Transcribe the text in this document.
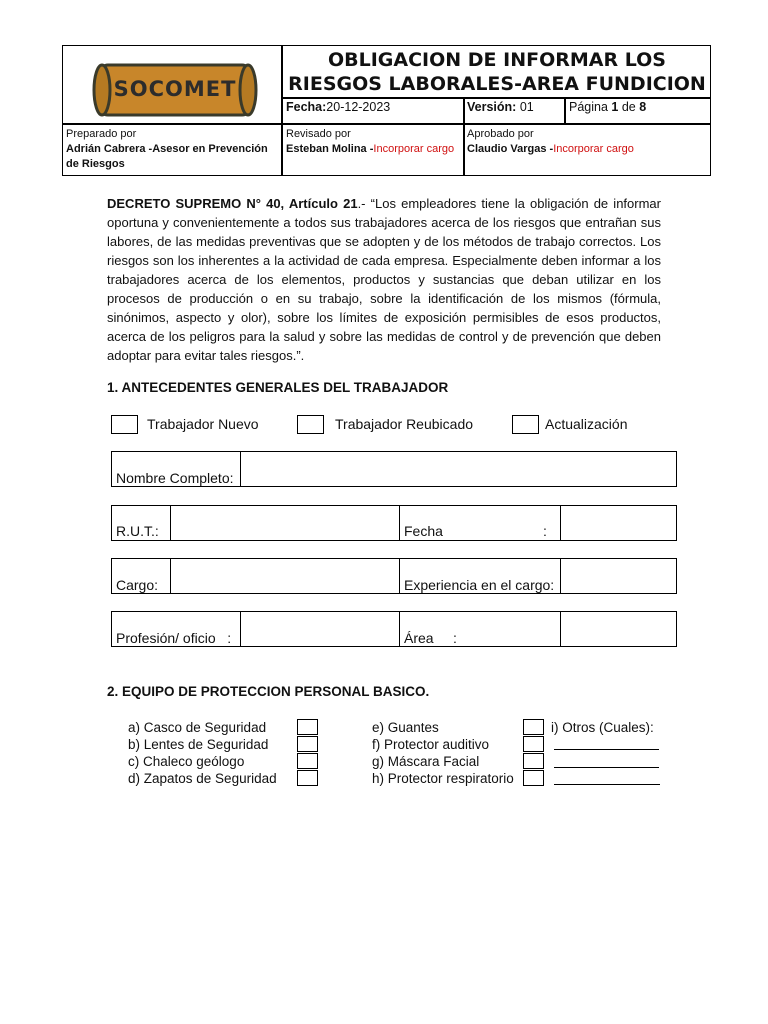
SOCOMET
OBLIGACION DE INFORMAR LOS
RIESGOS LABORALES-AREA FUNDICION
Fecha:20-12-2023	Versión: 01	Página 1 de 8
Preparado por
Adrián Cabrera -Asesor en Prevención de Riesgos
Revisado por
Esteban Molina -Incorporar cargo
Aprobado por
Claudio Vargas -Incorporar cargo
DECRETO SUPREMO N° 40, Artículo 21.- “Los empleadores tiene la obligación de informar oportuna y convenientemente a todos sus trabajadores acerca de los riesgos que entrañan sus labores, de las medidas preventivas que se adopten y de los métodos de trabajo correctos. Los riesgos son los inherentes a la actividad de cada empresa. Especialmente deben informar a los trabajadores acerca de los elementos, productos y sustancias que deban utilizar en los procesos de producción o en su trabajo, sobre la identificación de los mismos (fórmula, sinónimos, aspecto y olor), sobre los límites de exposición permisibles de esos productos, acerca de los peligros para la salud y sobre las medidas de control y de prevención que deben adoptar para evitar tales riesgos.”.
1. ANTECEDENTES GENERALES DEL TRABAJADOR
Trabajador Nuevo	Trabajador Reubicado	Actualización
Nombre Completo:
R.U.T.:	Fecha	:
Cargo:	Experiencia en el cargo:
Profesión/ oficio   :	Área     :
2. EQUIPO DE PROTECCION PERSONAL BASICO.
a) Casco de Seguridad
b) Lentes de Seguridad
c) Chaleco geólogo
d) Zapatos de Seguridad
e) Guantes
f) Protector auditivo
g) Máscara Facial
h) Protector respiratorio
i) Otros (Cuales):
